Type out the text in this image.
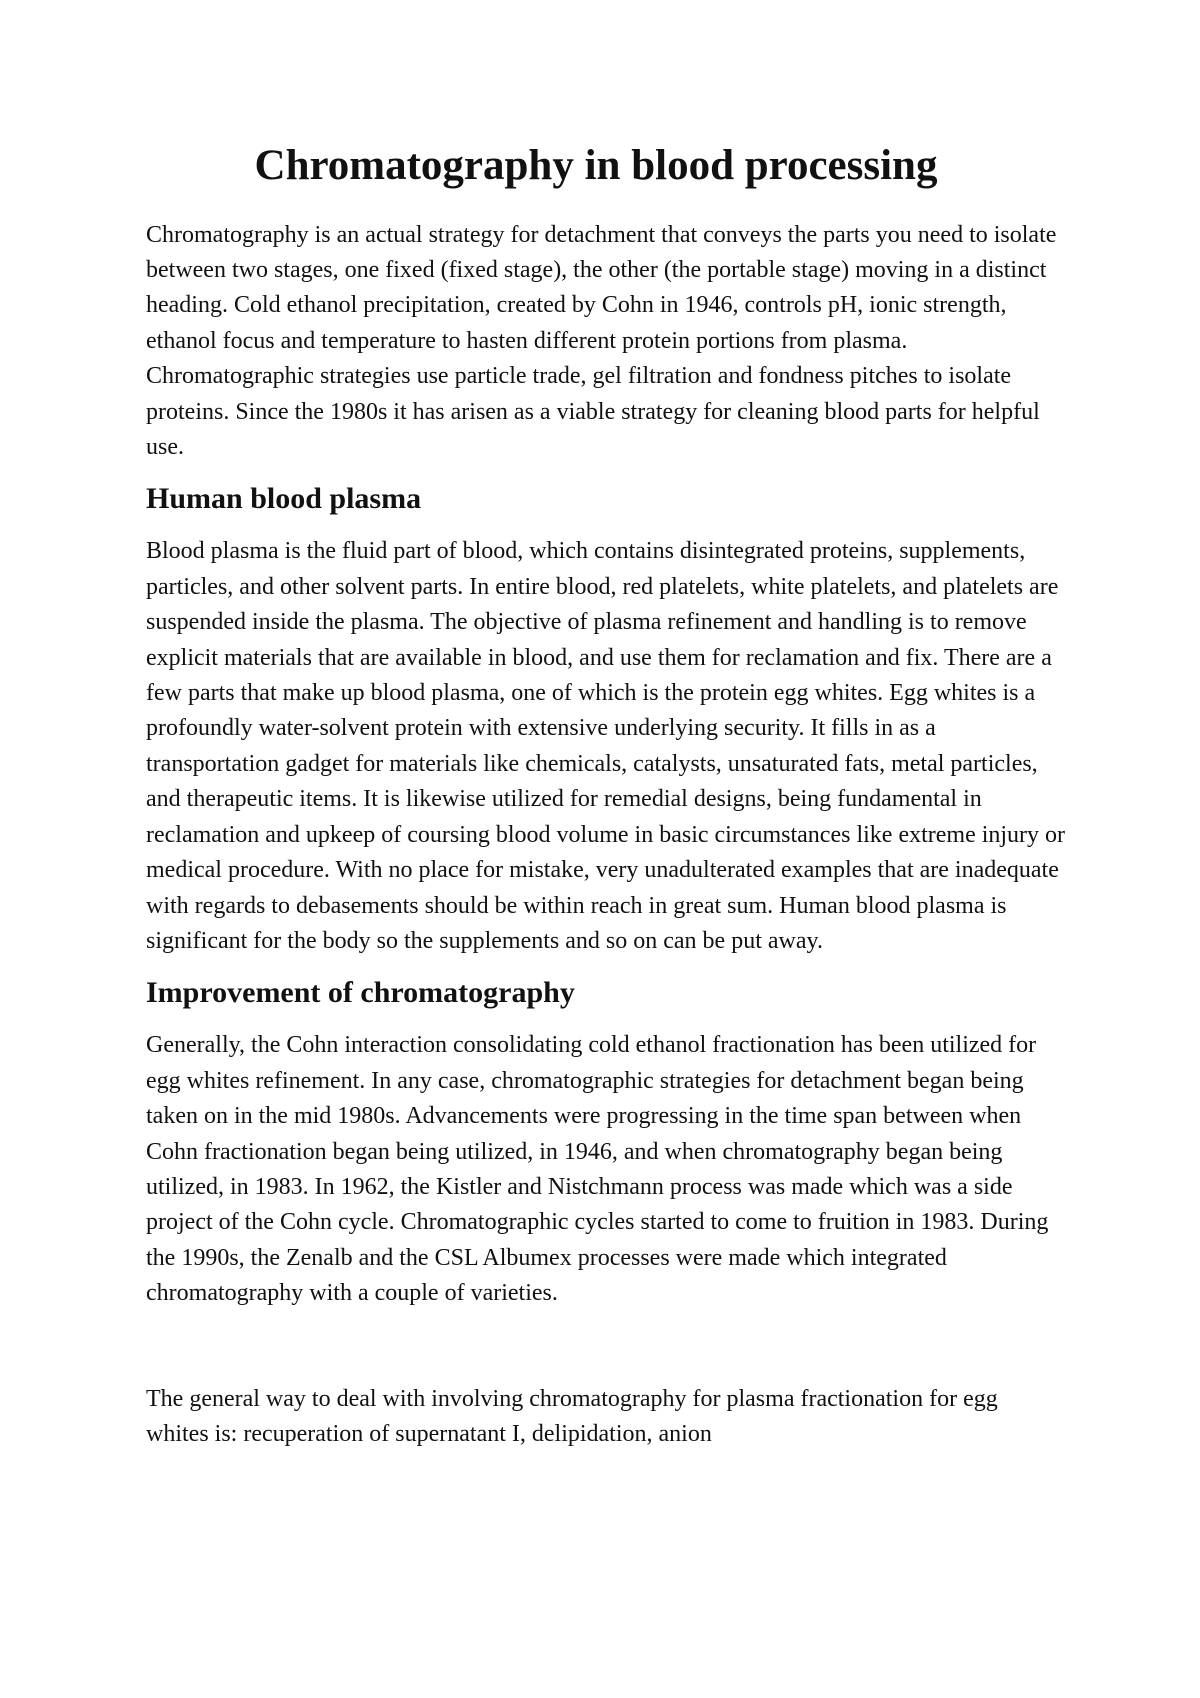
Chromatography in blood processing

Chromatography is an actual strategy for detachment that conveys the parts you need to isolate between two stages, one fixed (fixed stage), the other (the portable stage) moving in a distinct heading. Cold ethanol precipitation, created by Cohn in 1946, controls pH, ionic strength, ethanol focus and temperature to hasten different protein portions from plasma. Chromatographic strategies use particle trade, gel filtration and fondness pitches to isolate proteins. Since the 1980s it has arisen as a viable strategy for cleaning blood parts for helpful use.

Human blood plasma

Blood plasma is the fluid part of blood, which contains disintegrated proteins, supplements, particles, and other solvent parts. In entire blood, red platelets, white platelets, and platelets are suspended inside the plasma. The objective of plasma refinement and handling is to remove explicit materials that are available in blood, and use them for reclamation and fix. There are a few parts that make up blood plasma, one of which is the protein egg whites. Egg whites is a profoundly water-solvent protein with extensive underlying security. It fills in as a transportation gadget for materials like chemicals, catalysts, unsaturated fats, metal particles, and therapeutic items. It is likewise utilized for remedial designs, being fundamental in reclamation and upkeep of coursing blood volume in basic circumstances like extreme injury or medical procedure. With no place for mistake, very unadulterated examples that are inadequate with regards to debasements should be within reach in great sum. Human blood plasma is significant for the body so the supplements and so on can be put away.

Improvement of chromatography

Generally, the Cohn interaction consolidating cold ethanol fractionation has been utilized for egg whites refinement. In any case, chromatographic strategies for detachment began being taken on in the mid 1980s. Advancements were progressing in the time span between when Cohn fractionation began being utilized, in 1946, and when chromatography began being utilized, in 1983. In 1962, the Kistler and Nistchmann process was made which was a side project of the Cohn cycle. Chromatographic cycles started to come to fruition in 1983. During the 1990s, the Zenalb and the CSL Albumex processes were made which integrated chromatography with a couple of varieties.

The general way to deal with involving chromatography for plasma fractionation for egg whites is: recuperation of supernatant I, delipidation, anion
